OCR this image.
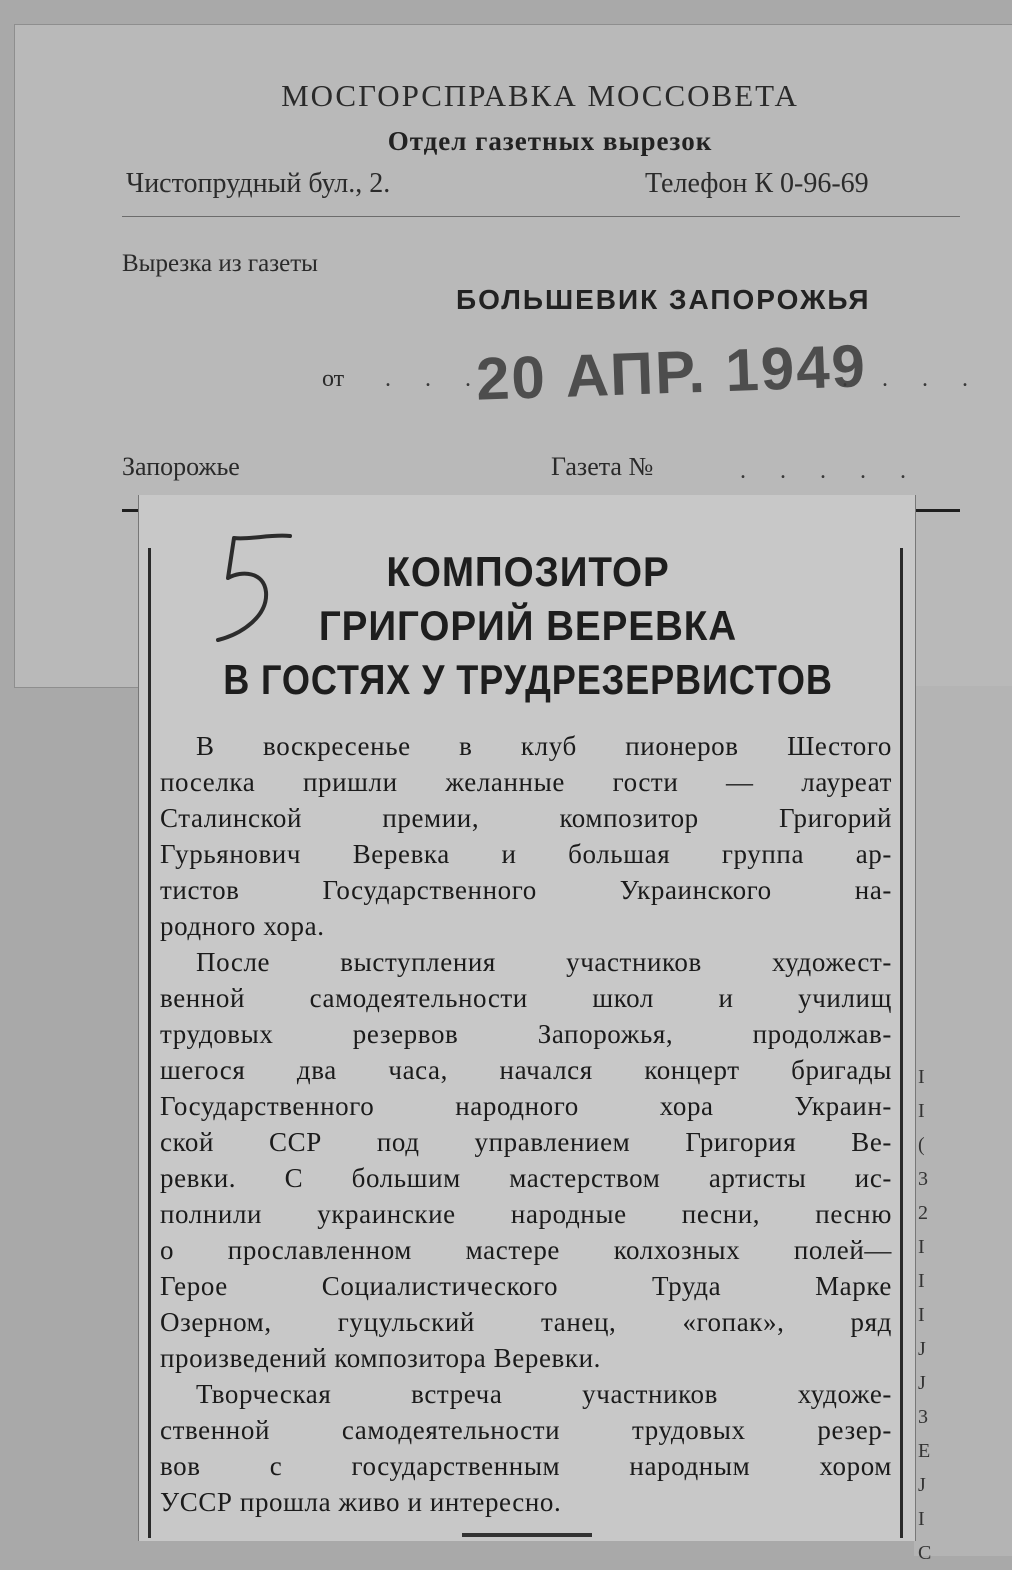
МОСГОРСПРАВКА МОССОВЕТА
Отдел газетных вырезок
Чистопрудный бул., 2.	Телефон К 0-96-69
Вырезка из газеты
БОЛЬШЕВИК ЗАПОРОЖЬЯ
от . . .
20 АПР. 1949
. . . .
Запорожье	Газета №	. . . . .
I
I
(
3
2
I
I
I
J
J
3
E
J
I
C
КОМПОЗИТОР
ГРИГОРИЙ ВЕРЕВКА
В ГОСТЯХ У ТРУДРЕЗЕРВИСТОВ
В воскресенье в клуб пионеров Шестого
поселка пришли желанные гости — лауреат
Сталинской премии, композитор Григорий
Гурьянович Веревка и большая группа ар-
тистов Государственного Украинского на-
родного хора.
После выступления участников художест-
венной самодеятельности школ и училищ
трудовых резервов Запорожья, продолжав-
шегося два часа, начался концерт бригады
Государственного народного хора Украин-
ской ССР под управлением Григория Ве-
ревки. С большим мастерством артисты ис-
полнили украинские народные песни, песню
о прославленном мастере колхозных полей—
Герое Социалистического Труда Марке
Озерном, гуцульский танец, «гопак», ряд
произведений композитора Веревки.
Творческая встреча участников художе-
ственной самодеятельности трудовых резер-
вов с государственным народным хором
УССР прошла живо и интересно.
